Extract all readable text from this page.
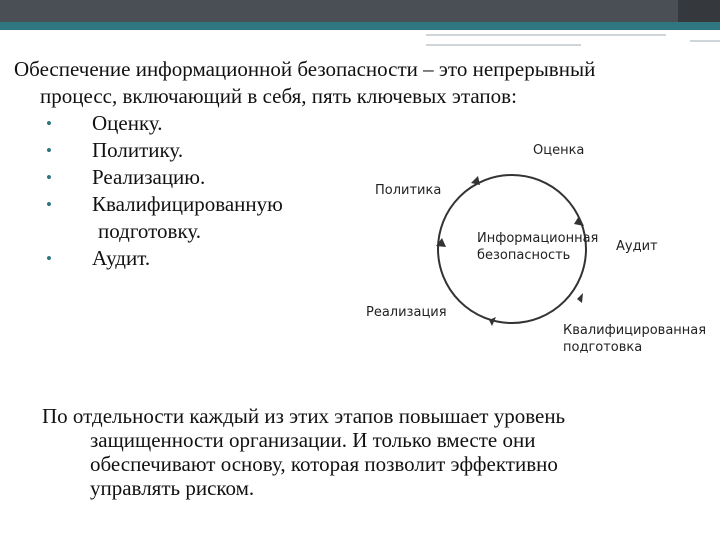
Обеспечение информационной безопасности – это непрерывный
процесс, включающий в себя, пять ключевых этапов:
• Оценку.
• Политику.
• Реализацию.
• Квалифицированную
подготовку.
• Аудит.
Информационная
безопасность
Оценка
Политика
Аудит
Реализация
Квалифицированная
подготовка
По отдельности каждый из этих этапов повышает уровень
защищенности организации. И только вместе они
обеспечивают основу, которая позволит эффективно
управлять риском.
